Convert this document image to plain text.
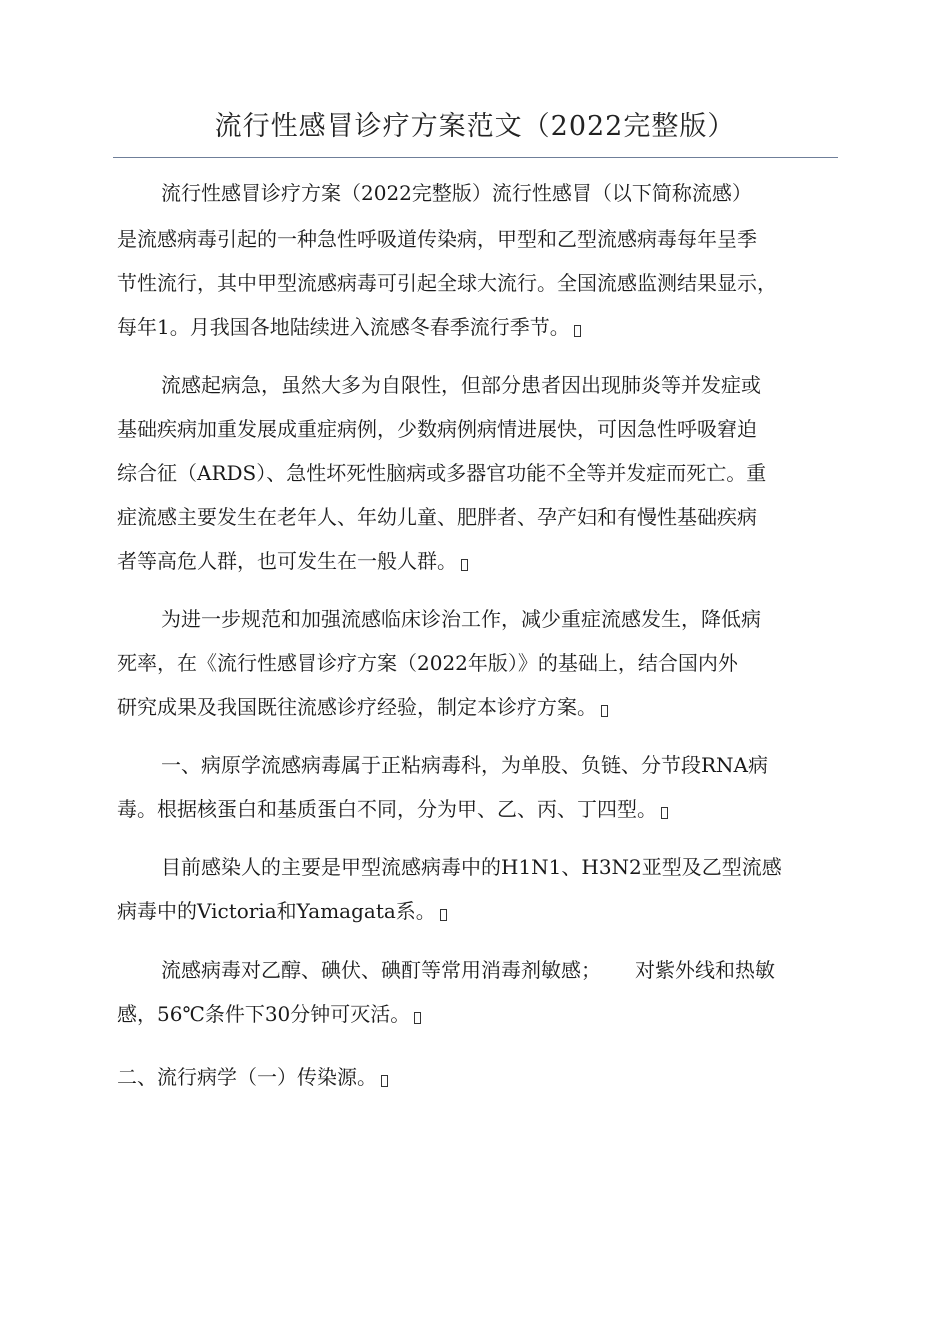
流行性感冒诊疗方案范文（2022完整版）
流行性感冒诊疗方案（2022完整版）流行性感冒（以下简称流感）
是流感病毒引起的一种急性呼吸道传染病，甲型和乙型流感病毒每年呈季
节性流行，其中甲型流感病毒可引起全球大流行。全国流感监测结果显示，
每年1。月我国各地陆续进入流感冬春季流行季节。
流感起病急，虽然大多为自限性，但部分患者因出现肺炎等并发症或
基础疾病加重发展成重症病例，少数病例病情进展快，可因急性呼吸窘迫
综合征（ARDS）、急性坏死性脑病或多器官功能不全等并发症而死亡。重
症流感主要发生在老年人、年幼儿童、肥胖者、孕产妇和有慢性基础疾病
者等高危人群，也可发生在一般人群。
为进一步规范和加强流感临床诊治工作，减少重症流感发生，降低病
死率，在《流行性感冒诊疗方案（2022年版）》的基础上，结合国内外
研究成果及我国既往流感诊疗经验，制定本诊疗方案。
一、病原学流感病毒属于正粘病毒科，为单股、负链、分节段RNA病
毒。根据核蛋白和基质蛋白不同，分为甲、乙、丙、丁四型。
目前感染人的主要是甲型流感病毒中的H1N1、H3N2亚型及乙型流感
病毒中的Victoria和Yamagata系。
流感病毒对乙醇、碘伏、碘酊等常用消毒剂敏感； 对紫外线和热敏
感，56℃条件下30分钟可灭活。
二、流行病学（一）传染源。
